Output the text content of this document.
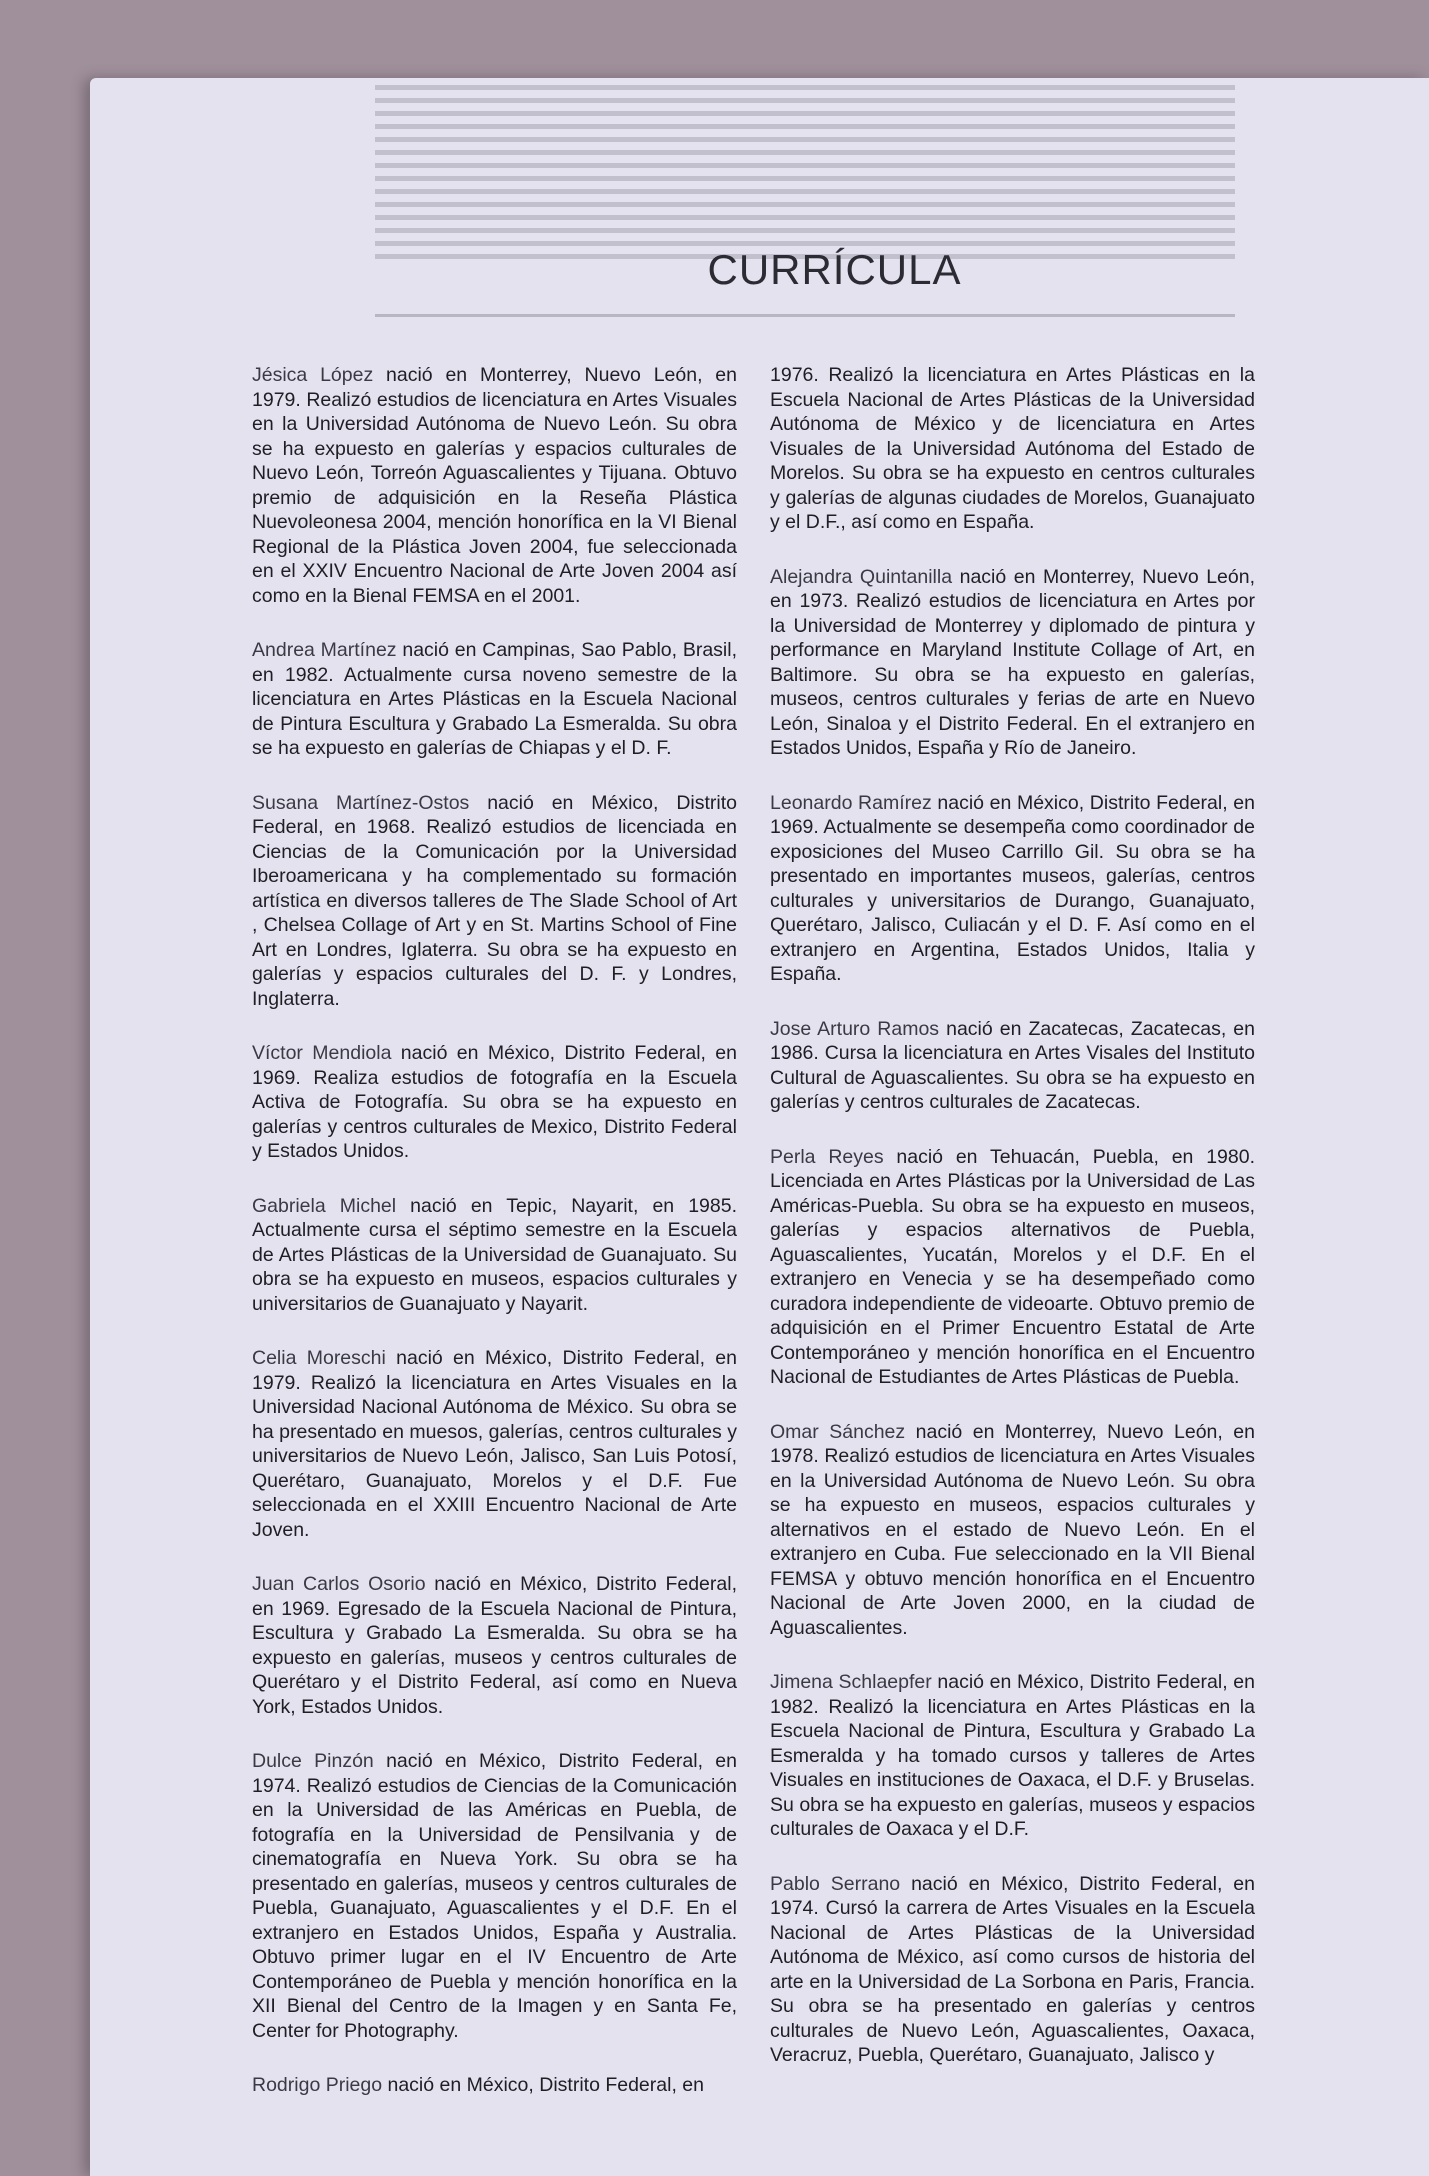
CURRÍCULA

Jésica López nació en Monterrey, Nuevo León, en 1979. Realizó estudios de licenciatura en Artes Visuales en la Universidad Autónoma de Nuevo León. Su obra se ha expuesto en galerías y espacios culturales de Nuevo León, Torreón Aguascalientes y Tijuana. Obtuvo premio de adquisición en la Reseña Plástica Nuevoleonesa 2004, mención honorífica en la VI Bienal Regional de la Plástica Joven 2004, fue seleccionada en el XXIV Encuentro Nacional de Arte Joven 2004 así como en la Bienal FEMSA en el 2001.

Andrea Martínez nació en Campinas, Sao Pablo, Brasil, en 1982. Actualmente cursa noveno semestre de la licenciatura en Artes Plásticas en la Escuela Nacional de Pintura Escultura y Grabado La Esmeralda. Su obra se ha expuesto en galerías de Chiapas y el D. F.

Susana Martínez-Ostos nació en México, Distrito Federal, en 1968. Realizó estudios de licenciada en Ciencias de la Comunicación por la Universidad Iberoamericana y ha complementado su formación artística en diversos talleres de The Slade School of Art , Chelsea Collage of Art y en St. Martins School of Fine Art en Londres, Iglaterra. Su obra se ha expuesto en galerías y espacios culturales del D. F. y Londres, Inglaterra.

Víctor Mendiola nació en México, Distrito Federal, en 1969. Realiza estudios de fotografía en la Escuela Activa de Fotografía. Su obra se ha expuesto en galerías y centros culturales de Mexico, Distrito Federal y Estados Unidos.

Gabriela Michel nació en Tepic, Nayarit, en 1985. Actualmente cursa el séptimo semestre en la Escuela de Artes Plásticas de la Universidad de Guanajuato. Su obra se ha expuesto en museos, espacios culturales y universitarios de Guanajuato y Nayarit.

Celia Moreschi nació en México, Distrito Federal, en 1979. Realizó la licenciatura en Artes Visuales en la Universidad Nacional Autónoma de México. Su obra se ha presentado en muesos, galerías, centros culturales y universitarios de Nuevo León, Jalisco, San Luis Potosí, Querétaro, Guanajuato, Morelos y el D.F. Fue seleccionada en el XXIII Encuentro Nacional de Arte Joven.

Juan Carlos Osorio nació en México, Distrito Federal, en 1969. Egresado de la Escuela Nacional de Pintura, Escultura y Grabado La Esmeralda. Su obra se ha expuesto en galerías, museos y centros culturales de Querétaro y el Distrito Federal, así como en Nueva York, Estados Unidos.

Dulce Pinzón nació en México, Distrito Federal, en 1974. Realizó estudios de Ciencias de la Comunicación en la Universidad de las Américas en Puebla, de fotografía en la Universidad de Pensilvania y de cinematografía en Nueva York. Su obra se ha presentado en galerías, museos y centros culturales de Puebla, Guanajuato, Aguascalientes y el D.F. En el extranjero en Estados Unidos, España y Australia. Obtuvo primer lugar en el IV Encuentro de Arte Contemporáneo de Puebla y mención honorífica en la XII Bienal del Centro de la Imagen y en Santa Fe, Center for Photography.

Rodrigo Priego nació en México, Distrito Federal, en

1976. Realizó la licenciatura en Artes Plásticas en la Escuela Nacional de Artes Plásticas de la Universidad Autónoma de México y de licenciatura en Artes Visuales de la Universidad Autónoma del Estado de Morelos. Su obra se ha expuesto en centros culturales y galerías de algunas ciudades de Morelos, Guanajuato y el D.F., así como en España.

Alejandra Quintanilla nació en Monterrey, Nuevo León, en 1973. Realizó estudios de licenciatura en Artes por la Universidad de Monterrey y diplomado de pintura y performance en Maryland Institute Collage of Art, en Baltimore. Su obra se ha expuesto en galerías, museos, centros culturales y ferias de arte en Nuevo León, Sinaloa y el Distrito Federal. En el extranjero en Estados Unidos, España y Río de Janeiro.

Leonardo Ramírez nació en México, Distrito Federal, en 1969. Actualmente se desempeña como coordinador de exposiciones del Museo Carrillo Gil. Su obra se ha presentado en importantes museos, galerías, centros culturales y universitarios de Durango, Guanajuato, Querétaro, Jalisco, Culiacán y el D. F. Así como en el extranjero en Argentina, Estados Unidos, Italia y España.

Jose Arturo Ramos nació en Zacatecas, Zacatecas, en 1986. Cursa la licenciatura en Artes Visales del Instituto Cultural de Aguascalientes. Su obra se ha expuesto en galerías y centros culturales de Zacatecas.

Perla Reyes nació en Tehuacán, Puebla, en 1980. Licenciada en Artes Plásticas por la Universidad de Las Américas-Puebla. Su obra se ha expuesto en museos, galerías y espacios alternativos de Puebla, Aguascalientes, Yucatán, Morelos y el D.F. En el extranjero en Venecia y se ha desempeñado como curadora independiente de videoarte. Obtuvo premio de adquisición en el Primer Encuentro Estatal de Arte Contemporáneo y mención honorífica en el Encuentro Nacional de Estudiantes de Artes Plásticas de Puebla.

Omar Sánchez nació en Monterrey, Nuevo León, en 1978. Realizó estudios de licenciatura en Artes Visuales en la Universidad Autónoma de Nuevo León. Su obra se ha expuesto en museos, espacios culturales y alternativos en el estado de Nuevo León. En el extranjero en Cuba. Fue seleccionado en la VII Bienal FEMSA y obtuvo mención honorífica en el Encuentro Nacional de Arte Joven 2000, en la ciudad de Aguascalientes.

Jimena Schlaepfer nació en México, Distrito Federal, en 1982. Realizó la licenciatura en Artes Plásticas en la Escuela Nacional de Pintura, Escultura y Grabado La Esmeralda y ha tomado cursos y talleres de Artes Visuales en instituciones de Oaxaca, el D.F. y Bruselas. Su obra se ha expuesto en galerías, museos y espacios culturales de Oaxaca y el D.F.

Pablo Serrano nació en México, Distrito Federal, en 1974. Cursó la carrera de Artes Visuales en la Escuela Nacional de Artes Plásticas de la Universidad Autónoma de México, así como cursos de historia del arte en la Universidad de La Sorbona en Paris, Francia. Su obra se ha presentado en galerías y centros culturales de Nuevo León, Aguascalientes, Oaxaca, Veracruz, Puebla, Querétaro, Guanajuato, Jalisco y
